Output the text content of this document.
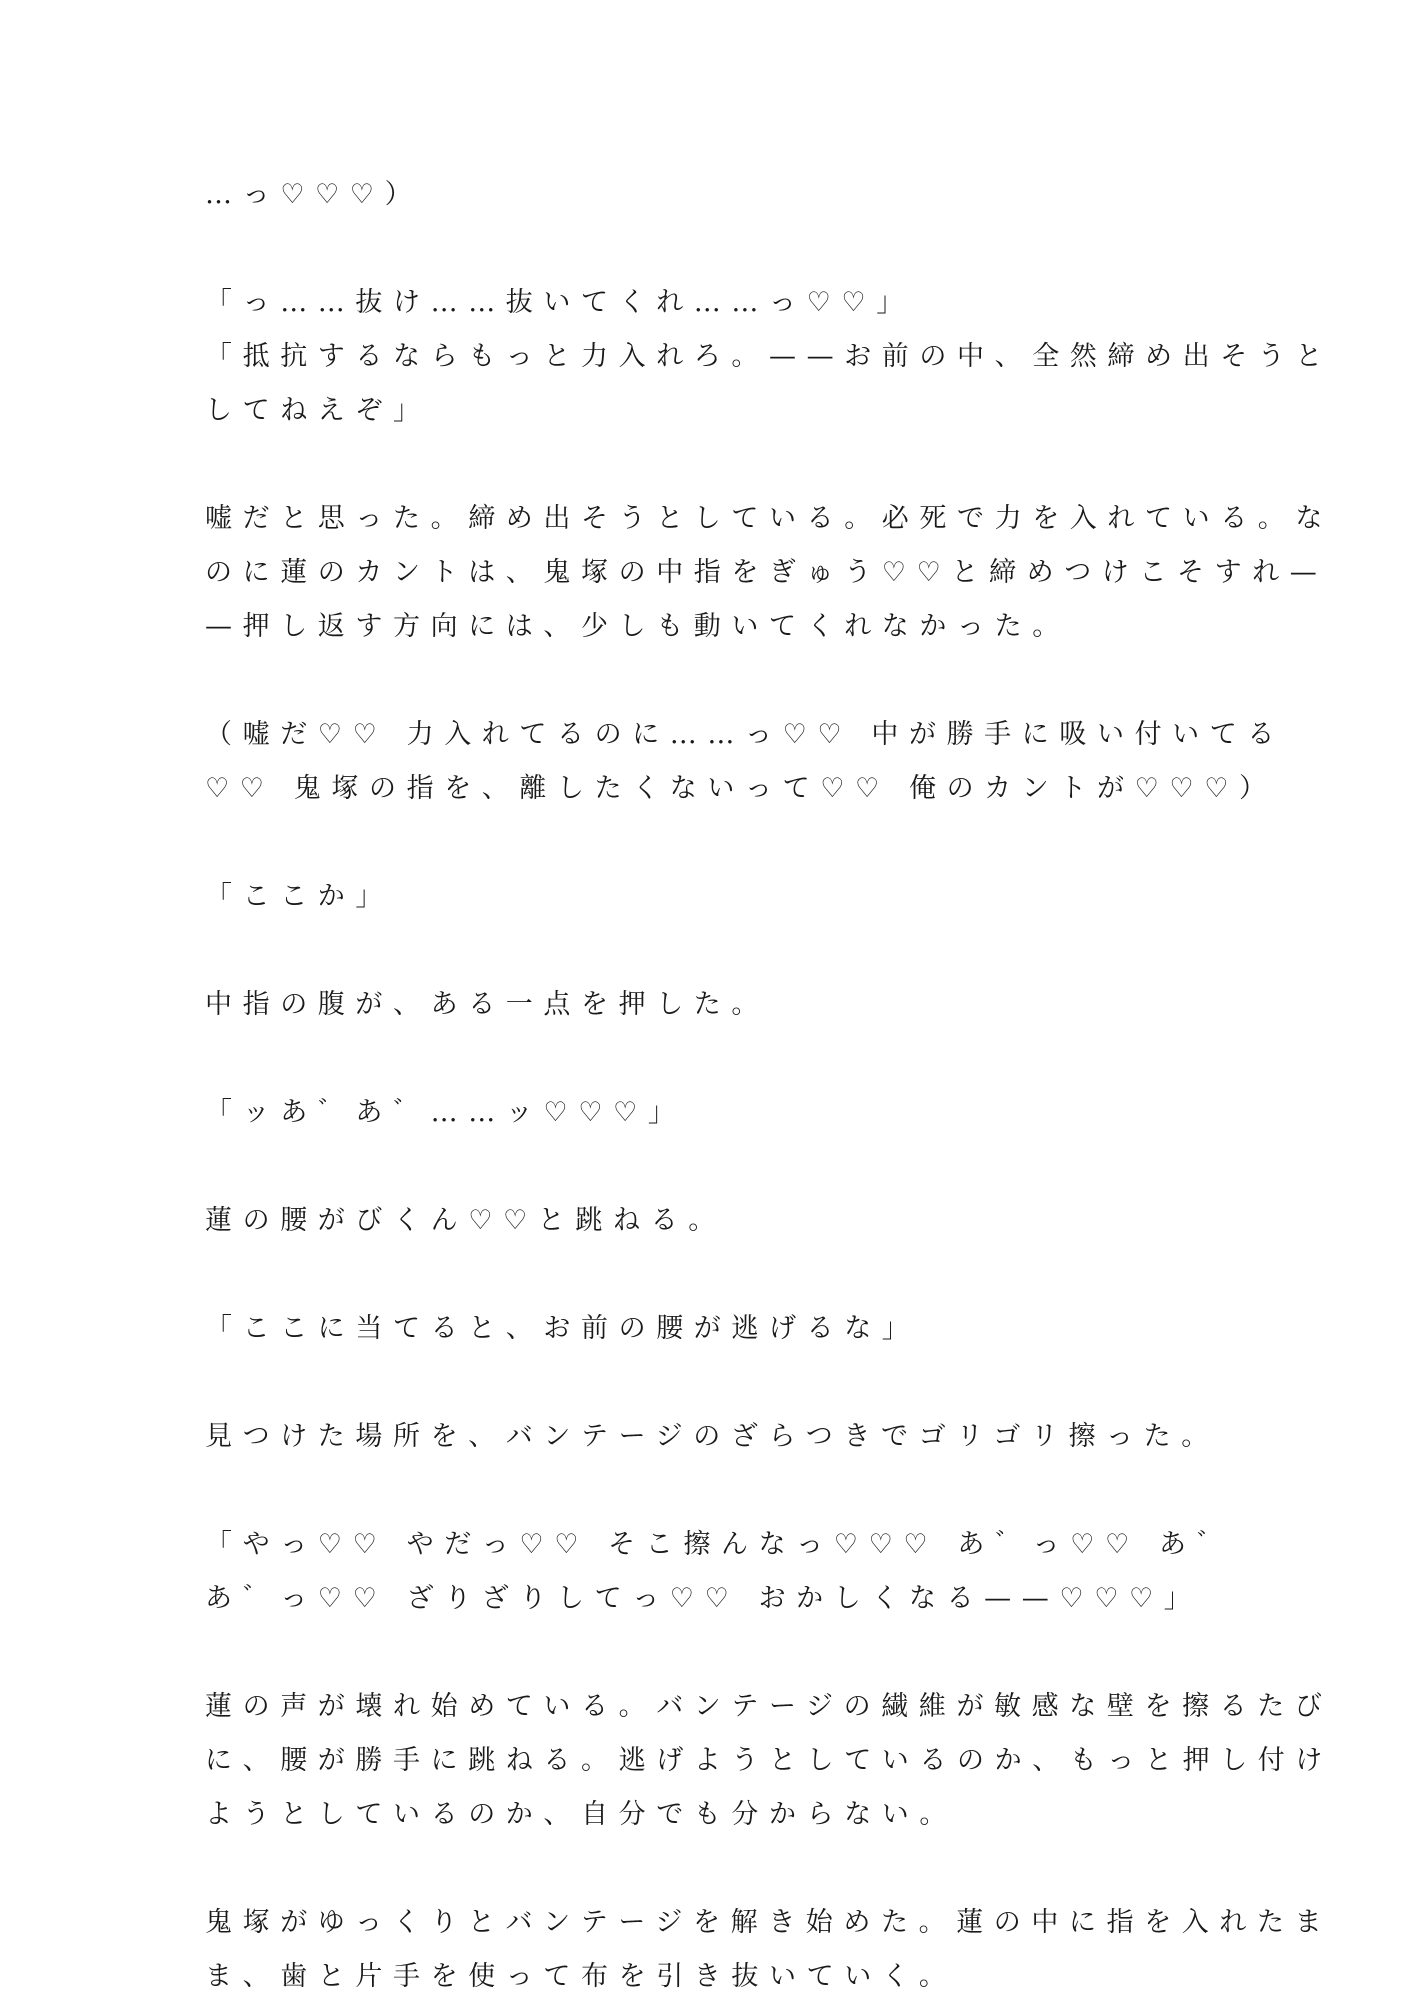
…っ♡♡♡）
「っ……抜け……抜いてくれ……っ♡♡」
「抵抗するならもっと力入れろ。——お前の中、全然締め出そうと
してねえぞ」
嘘だと思った。締め出そうとしている。必死で力を入れている。な
のに蓮のカントは、鬼塚の中指をぎゅう♡♡と締めつけこそすれ—
—押し返す方向には、少しも動いてくれなかった。
（嘘だ♡♡ 力入れてるのに……っ♡♡ 中が勝手に吸い付いてる
♡♡ 鬼塚の指を、離したくないって♡♡ 俺のカントが♡♡♡）
「ここか」
中指の腹が、ある一点を押した。
「ッあ゛あ゛……ッ♡♡♡」
蓮の腰がびくん♡♡と跳ねる。
「ここに当てると、お前の腰が逃げるな」
見つけた場所を、バンテージのざらつきでゴリゴリ擦った。
「やっ♡♡ やだっ♡♡ そこ擦んなっ♡♡♡ あ゛っ♡♡ あ゛
あ゛っ♡♡ ざりざりしてっ♡♡ おかしくなる——♡♡♡」
蓮の声が壊れ始めている。バンテージの繊維が敏感な壁を擦るたび
に、腰が勝手に跳ねる。逃げようとしているのか、もっと押し付け
ようとしているのか、自分でも分からない。
鬼塚がゆっくりとバンテージを解き始めた。蓮の中に指を入れたま
ま、歯と片手を使って布を引き抜いていく。
